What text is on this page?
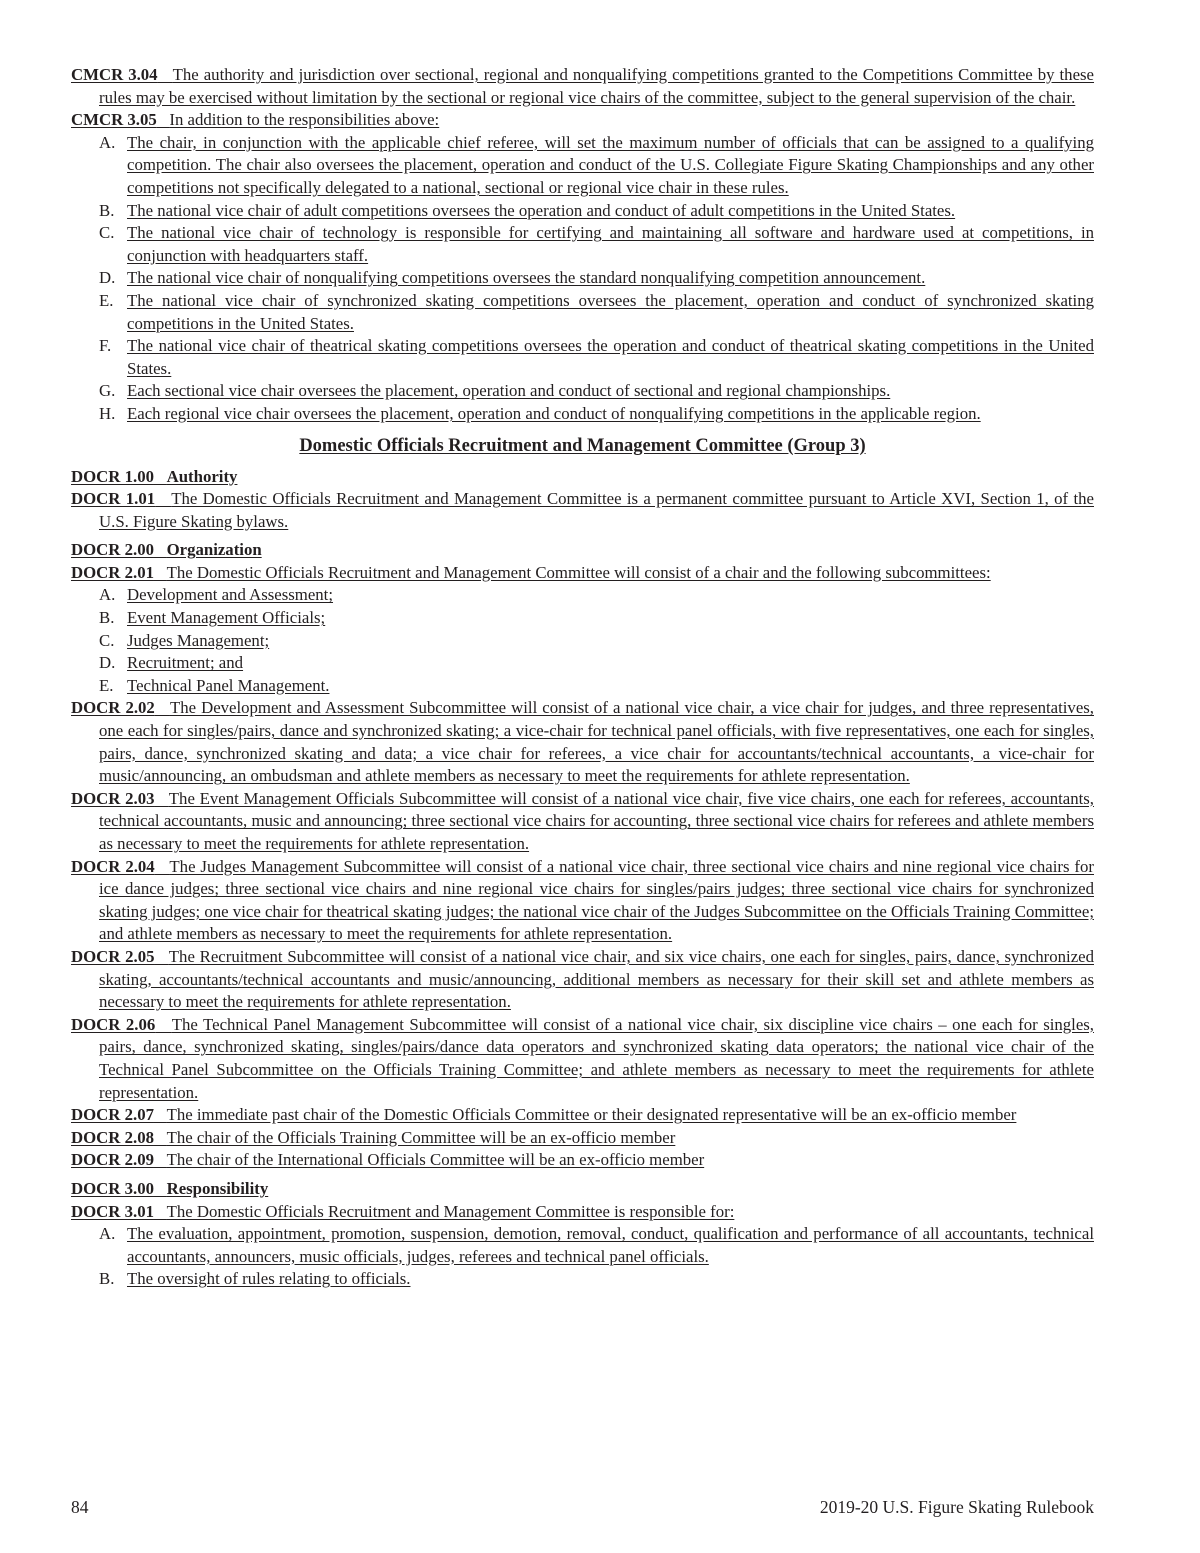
CMCR 3.04 The authority and jurisdiction over sectional, regional and nonqualifying competitions granted to the Competitions Committee by these rules may be exercised without limitation by the sectional or regional vice chairs of the committee, subject to the general supervision of the chair.
CMCR 3.05 In addition to the responsibilities above:
A. The chair, in conjunction with the applicable chief referee, will set the maximum number of officials that can be assigned to a qualifying competition. The chair also oversees the placement, operation and conduct of the U.S. Collegiate Figure Skating Championships and any other competitions not specifically delegated to a national, sectional or regional vice chair in these rules.
B. The national vice chair of adult competitions oversees the operation and conduct of adult competitions in the United States.
C. The national vice chair of technology is responsible for certifying and maintaining all software and hardware used at competitions, in conjunction with headquarters staff.
D. The national vice chair of nonqualifying competitions oversees the standard nonqualifying competition announcement.
E. The national vice chair of synchronized skating competitions oversees the placement, operation and conduct of synchronized skating competitions in the United States.
F. The national vice chair of theatrical skating competitions oversees the operation and conduct of theatrical skating competitions in the United States.
G. Each sectional vice chair oversees the placement, operation and conduct of sectional and regional championships.
H. Each regional vice chair oversees the placement, operation and conduct of nonqualifying competitions in the applicable region.
Domestic Officials Recruitment and Management Committee (Group 3)
DOCR 1.00 Authority
DOCR 1.01 The Domestic Officials Recruitment and Management Committee is a permanent committee pursuant to Article XVI, Section 1, of the U.S. Figure Skating bylaws.
DOCR 2.00 Organization
DOCR 2.01 The Domestic Officials Recruitment and Management Committee will consist of a chair and the following subcommittees:
A. Development and Assessment;
B. Event Management Officials;
C. Judges Management;
D. Recruitment; and
E. Technical Panel Management.
DOCR 2.02 The Development and Assessment Subcommittee will consist of a national vice chair, a vice chair for judges, and three representatives, one each for singles/pairs, dance and synchronized skating; a vice-chair for technical panel officials, with five representatives, one each for singles, pairs, dance, synchronized skating and data; a vice chair for referees, a vice chair for accountants/technical accountants, a vice-chair for music/announcing, an ombudsman and athlete members as necessary to meet the requirements for athlete representation.
DOCR 2.03 The Event Management Officials Subcommittee will consist of a national vice chair, five vice chairs, one each for referees, accountants, technical accountants, music and announcing; three sectional vice chairs for accounting, three sectional vice chairs for referees and athlete members as necessary to meet the requirements for athlete representation.
DOCR 2.04 The Judges Management Subcommittee will consist of a national vice chair, three sectional vice chairs and nine regional vice chairs for ice dance judges; three sectional vice chairs and nine regional vice chairs for singles/pairs judges; three sectional vice chairs for synchronized skating judges; one vice chair for theatrical skating judges; the national vice chair of the Judges Subcommittee on the Officials Training Committee; and athlete members as necessary to meet the requirements for athlete representation.
DOCR 2.05 The Recruitment Subcommittee will consist of a national vice chair, and six vice chairs, one each for singles, pairs, dance, synchronized skating, accountants/technical accountants and music/announcing, additional members as necessary for their skill set and athlete members as necessary to meet the requirements for athlete representation.
DOCR 2.06 The Technical Panel Management Subcommittee will consist of a national vice chair, six discipline vice chairs – one each for singles, pairs, dance, synchronized skating, singles/pairs/dance data operators and synchronized skating data operators; the national vice chair of the Technical Panel Subcommittee on the Officials Training Committee; and athlete members as necessary to meet the requirements for athlete representation.
DOCR 2.07 The immediate past chair of the Domestic Officials Committee or their designated representative will be an ex-officio member
DOCR 2.08 The chair of the Officials Training Committee will be an ex-officio member
DOCR 2.09 The chair of the International Officials Committee will be an ex-officio member
DOCR 3.00 Responsibility
DOCR 3.01 The Domestic Officials Recruitment and Management Committee is responsible for:
A. The evaluation, appointment, promotion, suspension, demotion, removal, conduct, qualification and performance of all accountants, technical accountants, announcers, music officials, judges, referees and technical panel officials.
B. The oversight of rules relating to officials.
84	2019-20 U.S. Figure Skating Rulebook
